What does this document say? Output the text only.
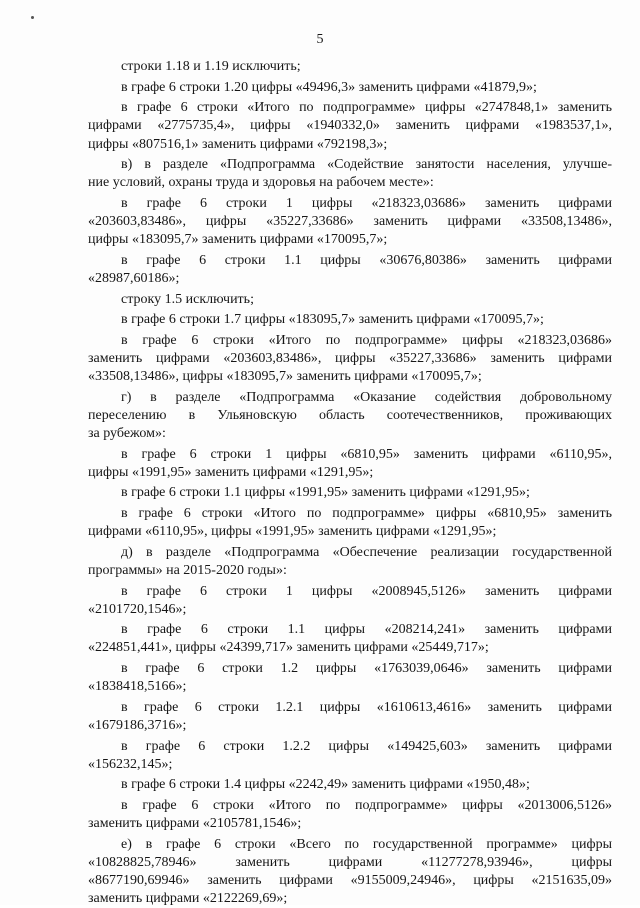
5
строки 1.18 и 1.19 исключить;
в графе 6 строки 1.20 цифры «49496,3» заменить цифрами «41879,9»;
в графе 6 строки «Итого по подпрограмме» цифры «2747848,1» заменить
цифрами «2775735,4», цифры «1940332,0» заменить цифрами «1983537,1»,
цифры «807516,1» заменить цифрами «792198,3»;
в) в разделе «Подпрограмма «Содействие занятости населения, улучше-
ние условий, охраны труда и здоровья на рабочем месте»:
в графе 6 строки 1 цифры «218323,03686» заменить цифрами
«203603,83486», цифры «35227,33686» заменить цифрами «33508,13486»,
цифры «183095,7» заменить цифрами «170095,7»;
в графе 6 строки 1.1 цифры «30676,80386» заменить цифрами
«28987,60186»;
строку 1.5 исключить;
в графе 6 строки 1.7 цифры «183095,7» заменить цифрами «170095,7»;
в графе 6 строки «Итого по подпрограмме» цифры «218323,03686»
заменить цифрами «203603,83486», цифры «35227,33686» заменить цифрами
«33508,13486», цифры «183095,7» заменить цифрами «170095,7»;
г) в разделе «Подпрограмма «Оказание содействия добровольному
переселению в Ульяновскую область соотечественников, проживающих
за рубежом»:
в графе 6 строки 1 цифры «6810,95» заменить цифрами «6110,95»,
цифры «1991,95» заменить цифрами «1291,95»;
в графе 6 строки 1.1 цифры «1991,95» заменить цифрами «1291,95»;
в графе 6 строки «Итого по подпрограмме» цифры «6810,95» заменить
цифрами «6110,95», цифры «1991,95» заменить цифрами «1291,95»;
д) в разделе «Подпрограмма «Обеспечение реализации государственной
программы» на 2015-2020 годы»:
в графе 6 строки 1 цифры «2008945,5126» заменить цифрами
«2101720,1546»;
в графе 6 строки 1.1 цифры «208214,241» заменить цифрами
«224851,441», цифры «24399,717» заменить цифрами «25449,717»;
в графе 6 строки 1.2 цифры «1763039,0646» заменить цифрами
«1838418,5166»;
в графе 6 строки 1.2.1 цифры «1610613,4616» заменить цифрами
«1679186,3716»;
в графе 6 строки 1.2.2 цифры «149425,603» заменить цифрами
«156232,145»;
в графе 6 строки 1.4 цифры «2242,49» заменить цифрами «1950,48»;
в графе 6 строки «Итого по подпрограмме» цифры «2013006,5126»
заменить цифрами «2105781,1546»;
е) в графе 6 строки «Всего по государственной программе» цифры
«10828825,78946» заменить цифрами «11277278,93946», цифры
«8677190,69946» заменить цифрами «9155009,24946», цифры «2151635,09»
заменить цифрами «2122269,69»;
